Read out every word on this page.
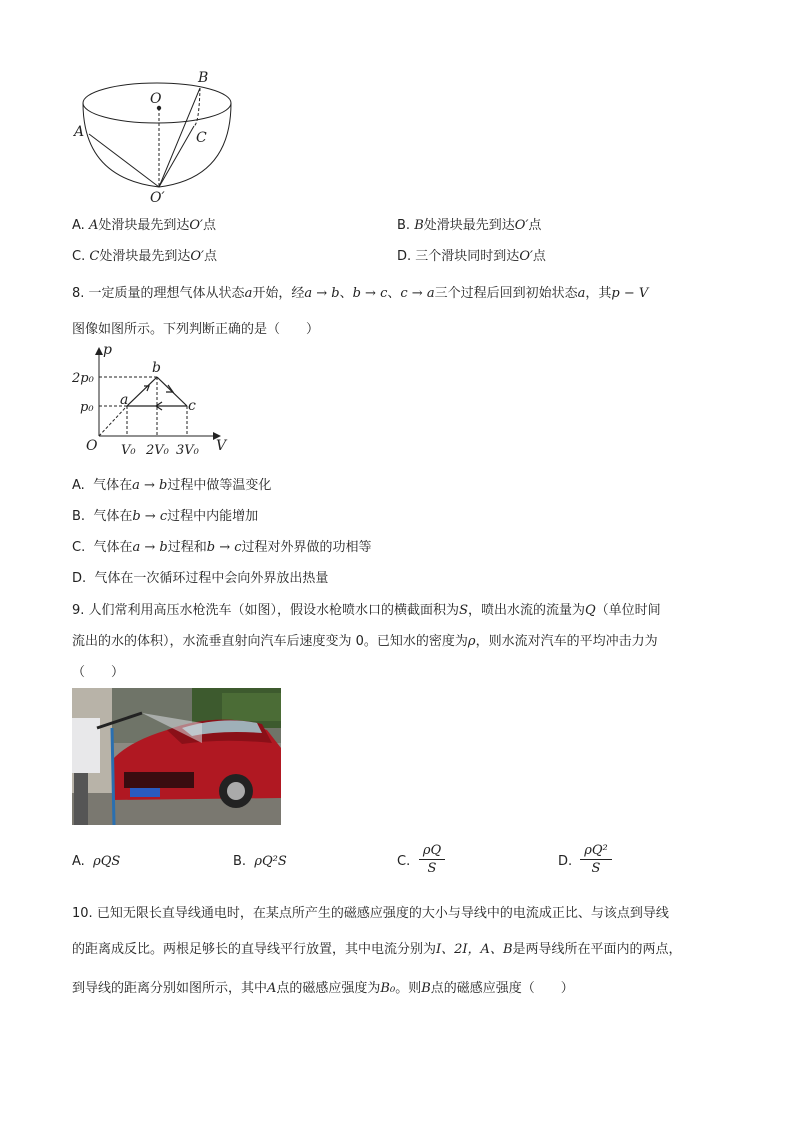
O
B
C
A
O′
A. A处滑块最先到达O′点	B. B处滑块最先到达O′点
C. C处滑块最先到达O′点	D. 三个滑块同时到达O′点
8. 一定质量的理想气体从状态a开始，经a → b、b → c、c → a三个过程后回到初始状态a，其p − V
图像如图所示。下列判断正确的是（　　）
p
V
O
2p₀
p₀
V₀ 2V₀ 3V₀
a
b
c
A. 气体在a → b过程中做等温变化
B. 气体在b → c过程中内能增加
C. 气体在a → b过程和b → c过程对外界做的功相等
D. 气体在一次循环过程中会向外界放出热量
9. 人们常利用高压水枪洗车（如图），假设水枪喷水口的横截面积为S，喷出水流的流量为Q（单位时间
流出的水的体积），水流垂直射向汽车后速度变为 0。已知水的密度为ρ，则水流对汽车的平均冲击力为
（　　）
A. ρQS	B. ρQ²S	C.
ρQ
S	D.
ρQ²
S
10. 已知无限长直导线通电时，在某点所产生的磁感应强度的大小与导线中的电流成正比、与该点到导线
的距离成反比。两根足够长的直导线平行放置，其中电流分别为I、2I，A、B是两导线所在平面内的两点，
到导线的距离分别如图所示，其中A点的磁感应强度为B₀。则B点的磁感应强度（　　）
